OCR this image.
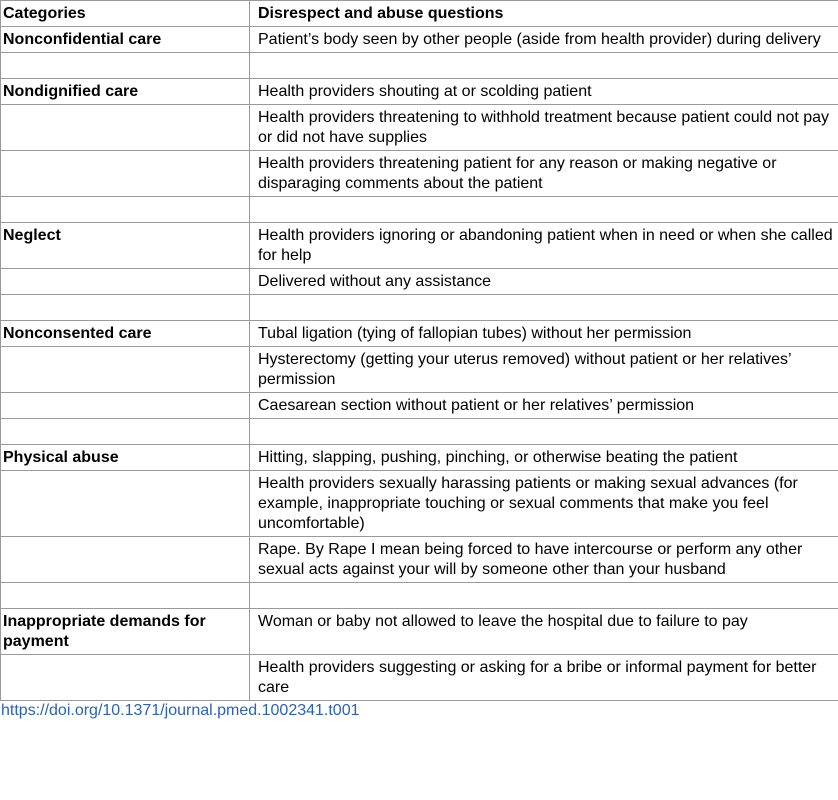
Categories	Disrespect and abuse questions
Nonconfidential care	Patient’s body seen by other people (aside from health provider) during delivery

Nondignified care	Health providers shouting at or scolding patient
	Health providers threatening to withhold treatment because patient could not pay or did not have supplies
	Health providers threatening patient for any reason or making negative or disparaging comments about the patient

Neglect	Health providers ignoring or abandoning patient when in need or when she called for help
	Delivered without any assistance

Nonconsented care	Tubal ligation (tying of fallopian tubes) without her permission
	Hysterectomy (getting your uterus removed) without patient or her relatives’ permission
	Caesarean section without patient or her relatives’ permission

Physical abuse	Hitting, slapping, pushing, pinching, or otherwise beating the patient
	Health providers sexually harassing patients or making sexual advances (for example, inappropriate touching or sexual comments that make you feel uncomfortable)
	Rape. By Rape I mean being forced to have intercourse or perform any other sexual acts against your will by someone other than your husband

Inappropriate demands for payment	Woman or baby not allowed to leave the hospital due to failure to pay
	Health providers suggesting or asking for a bribe or informal payment for better care
https://doi.org/10.1371/journal.pmed.1002341.t001
